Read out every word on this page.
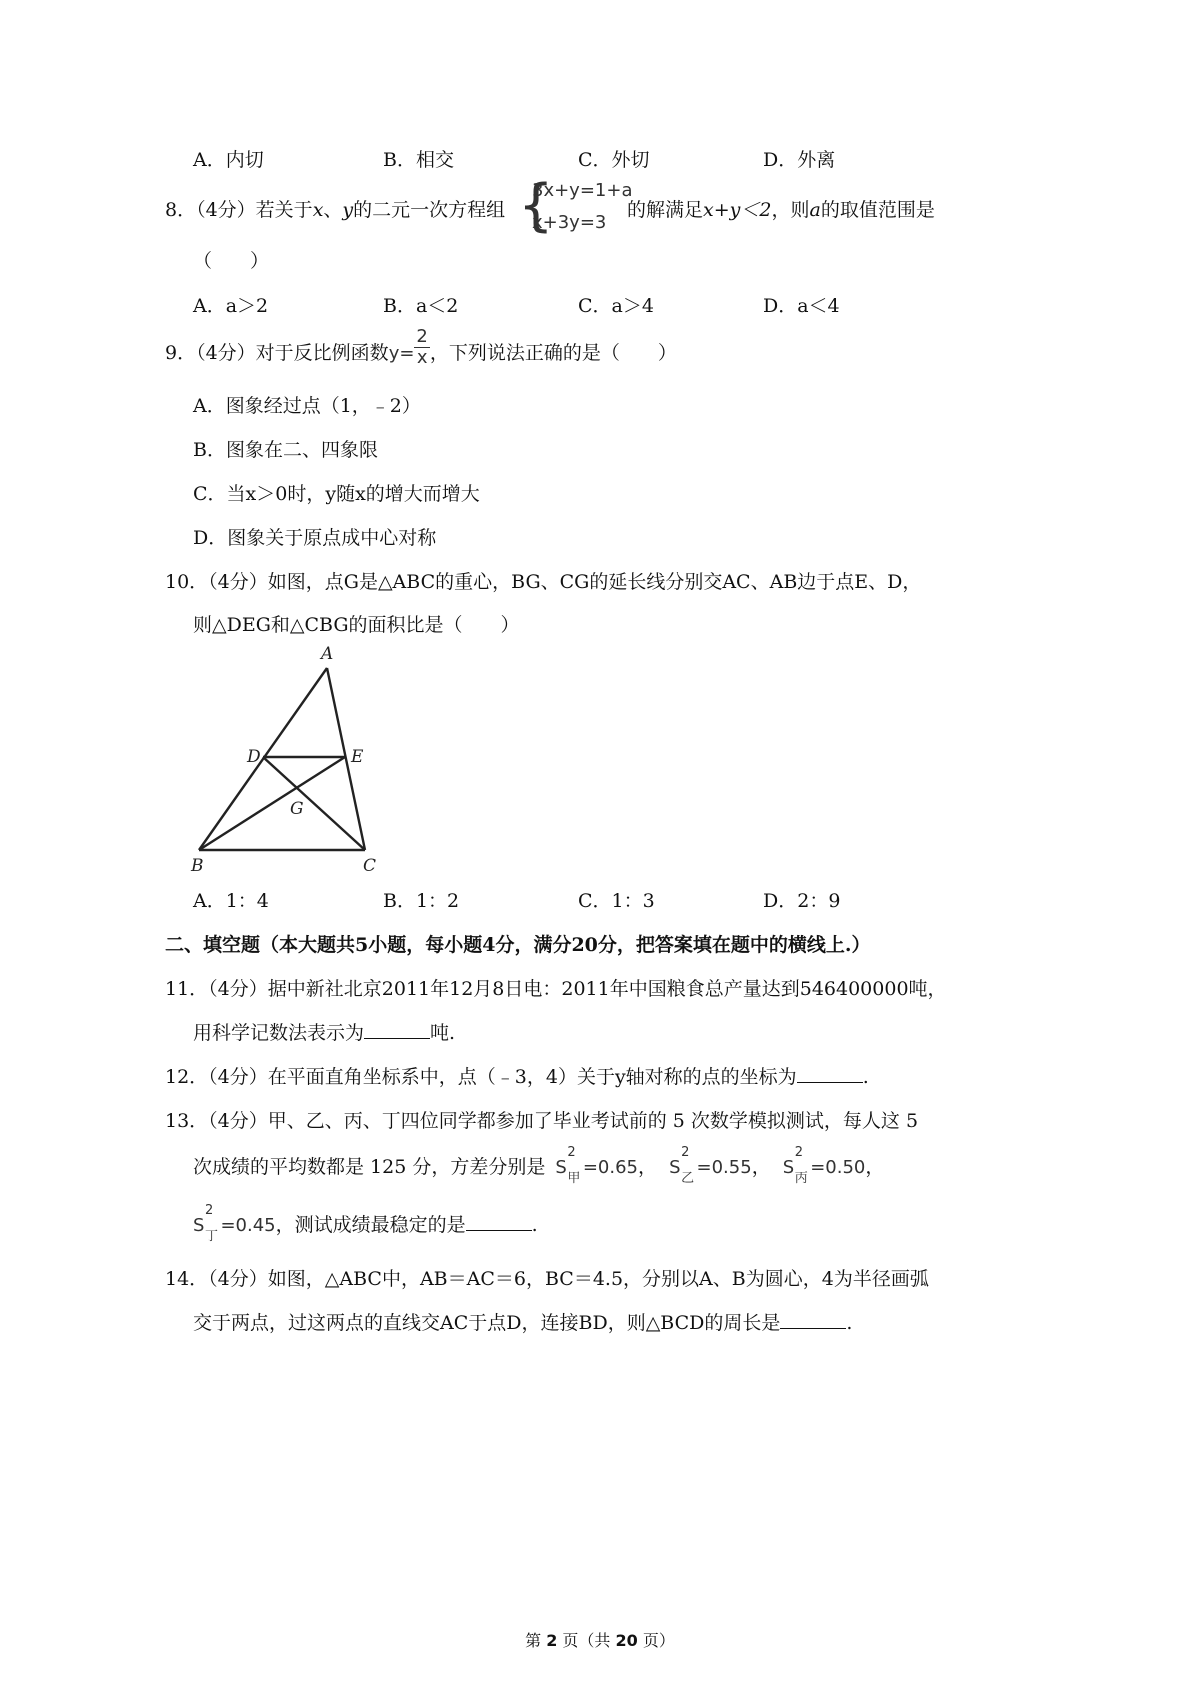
A．内切	B．相交	C．外切	D．外离
8．（4分）若关于x、y的二元一次方程组 {
3x+y=1+a
x+3y=3
的解满足x+y＜2，则a的取值范围是
（　　）
A．a＞2	B．a＜2	C．a＞4	D．a＜4
9．（4分）对于反比例函数$y= \frac{2}{x}$ ，下列说法正确的是（　　）
A．图象经过点（1，﹣2）
B．图象在二、四象限
C．当x＞0时，y随x的增大而增大
D．图象关于原点成中心对称
10．（4分）如图，点G是△ABC的重心，BG、CG的延长线分别交AC、AB边于点E、D，
则△DEG和△CBG的面积比是（　　）
A
D	E
G
B	C
A．1：4	B．1：2	C．1：3	D．2：9
二、填空题（本大题共5小题，每小题4分，满分20分，把答案填在题中的横线上.）
11．（4分）据中新社北京2011年12月8日电：2011年中国粮食总产量达到546400000吨，
用科学记数法表示为	吨.
12．（4分）在平面直角坐标系中，点（﹣3，4）关于y轴对称的点的坐标为	.
13．（4分）甲、乙、丙、丁四位同学都参加了毕业考试前的 5 次数学模拟测试，每人这 5
次成绩的平均数都是 125 分，方差分别是 S
2
甲
=0.65， S
2
乙
=0.55， S
2
丙
=0.50，
S
2
丁
=0.45，测试成绩最稳定的是	.
14．（4分）如图，△ABC中，AB＝AC＝6，BC＝4.5，分别以A、B为圆心，4为半径画弧
交于两点，过这两点的直线交AC于点D，连接BD，则△BCD的周长是	.
第 2 页（共 20 页）
